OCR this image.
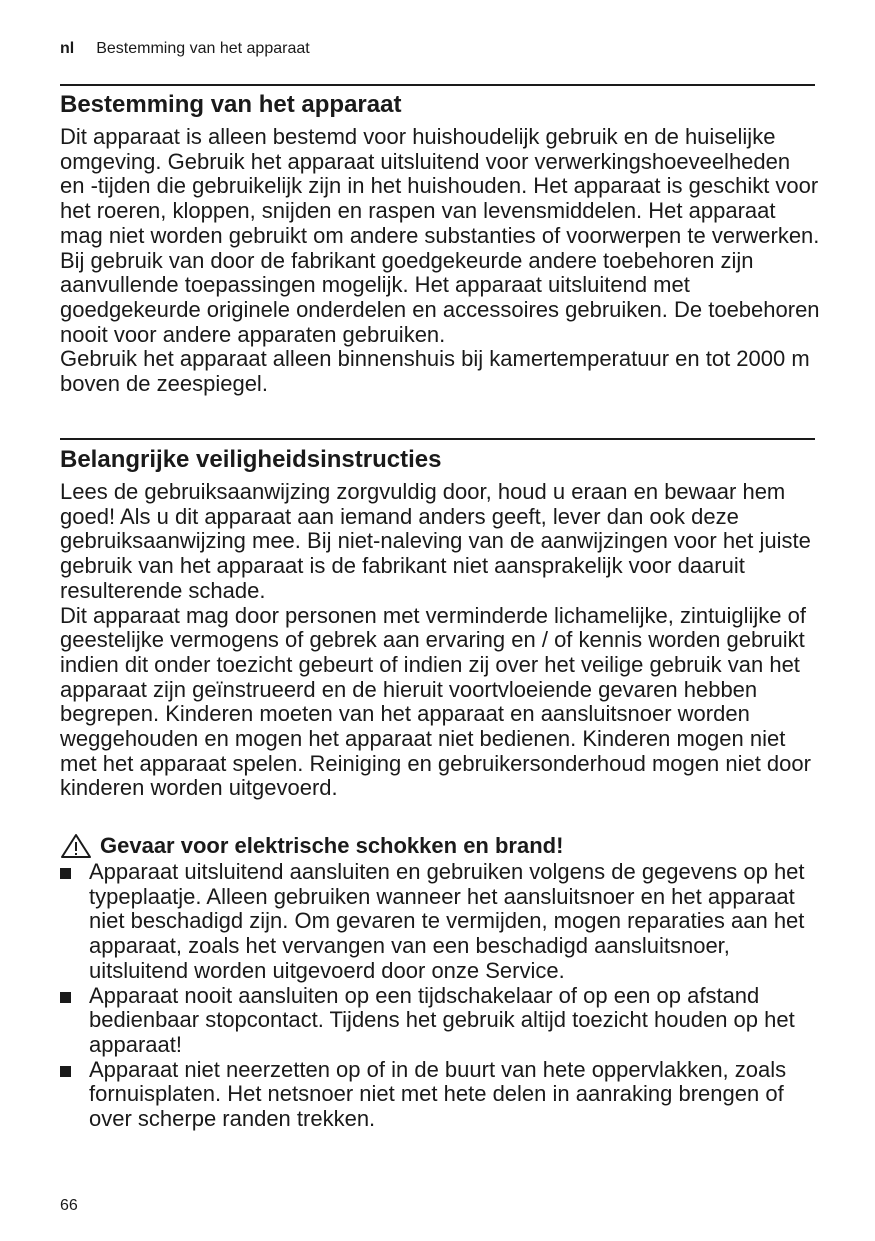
nl Bestemming van het apparaat
Bestemming van het apparaat

Dit apparaat is alleen bestemd voor huishoudelijk gebruik en de huiselijke omgeving. Gebruik het apparaat uitsluitend voor verwerkingshoeveelheden en -tijden die gebruikelijk zijn in het huishouden. Het apparaat is geschikt voor het roeren, kloppen, snijden en raspen van levensmiddelen. Het apparaat mag niet worden gebruikt om andere substanties of voorwerpen te verwerken. Bij gebruik van door de fabrikant goedgekeurde andere toebehoren zijn aanvullende toepassingen mogelijk. Het apparaat uitsluitend met goedgekeurde originele onderdelen en accessoires gebruiken. De toebehoren nooit voor andere apparaten gebruiken.

Gebruik het apparaat alleen binnenshuis bij kamertemperatuur en tot 2000 m boven de zeespiegel.

Belangrijke veiligheidsinstructies

Lees de gebruiksaanwijzing zorgvuldig door, houd u eraan en bewaar hem goed! Als u dit apparaat aan iemand anders geeft, lever dan ook deze gebruiksaanwijzing mee. Bij niet-naleving van de aanwijzingen voor het juiste gebruik van het apparaat is de fabrikant niet aansprakelijk voor daaruit resulterende schade.

Dit apparaat mag door personen met verminderde lichamelijke, zintuiglijke of geestelijke vermogens of gebrek aan ervaring en / of kennis worden gebruikt indien dit onder toezicht gebeurt of indien zij over het veilige gebruik van het apparaat zijn geïnstrueerd en de hieruit voortvloeiende gevaren hebben begrepen. Kinderen moeten van het apparaat en aansluitsnoer worden weggehouden en mogen het apparaat niet bedienen. Kinderen mogen niet met het apparaat spelen. Reiniging en gebruikersonderhoud mogen niet door kinderen worden uitgevoerd.

Gevaar voor elektrische schokken en brand!
Apparaat uitsluitend aansluiten en gebruiken volgens de gegevens op het typeplaatje. Alleen gebruiken wanneer het aansluitsnoer en het apparaat niet beschadigd zijn. Om gevaren te vermijden, mogen reparaties aan het apparaat, zoals het vervangen van een beschadigd aansluitsnoer, uitsluitend worden uitgevoerd door onze Service.
Apparaat nooit aansluiten op een tijdschakelaar of op een op afstand bedienbaar stopcontact. Tijdens het gebruik altijd toezicht houden op het apparaat!
Apparaat niet neerzetten op of in de buurt van hete oppervlakken, zoals fornuisplaten. Het netsnoer niet met hete delen in aanraking brengen of over scherpe randen trekken.
66
